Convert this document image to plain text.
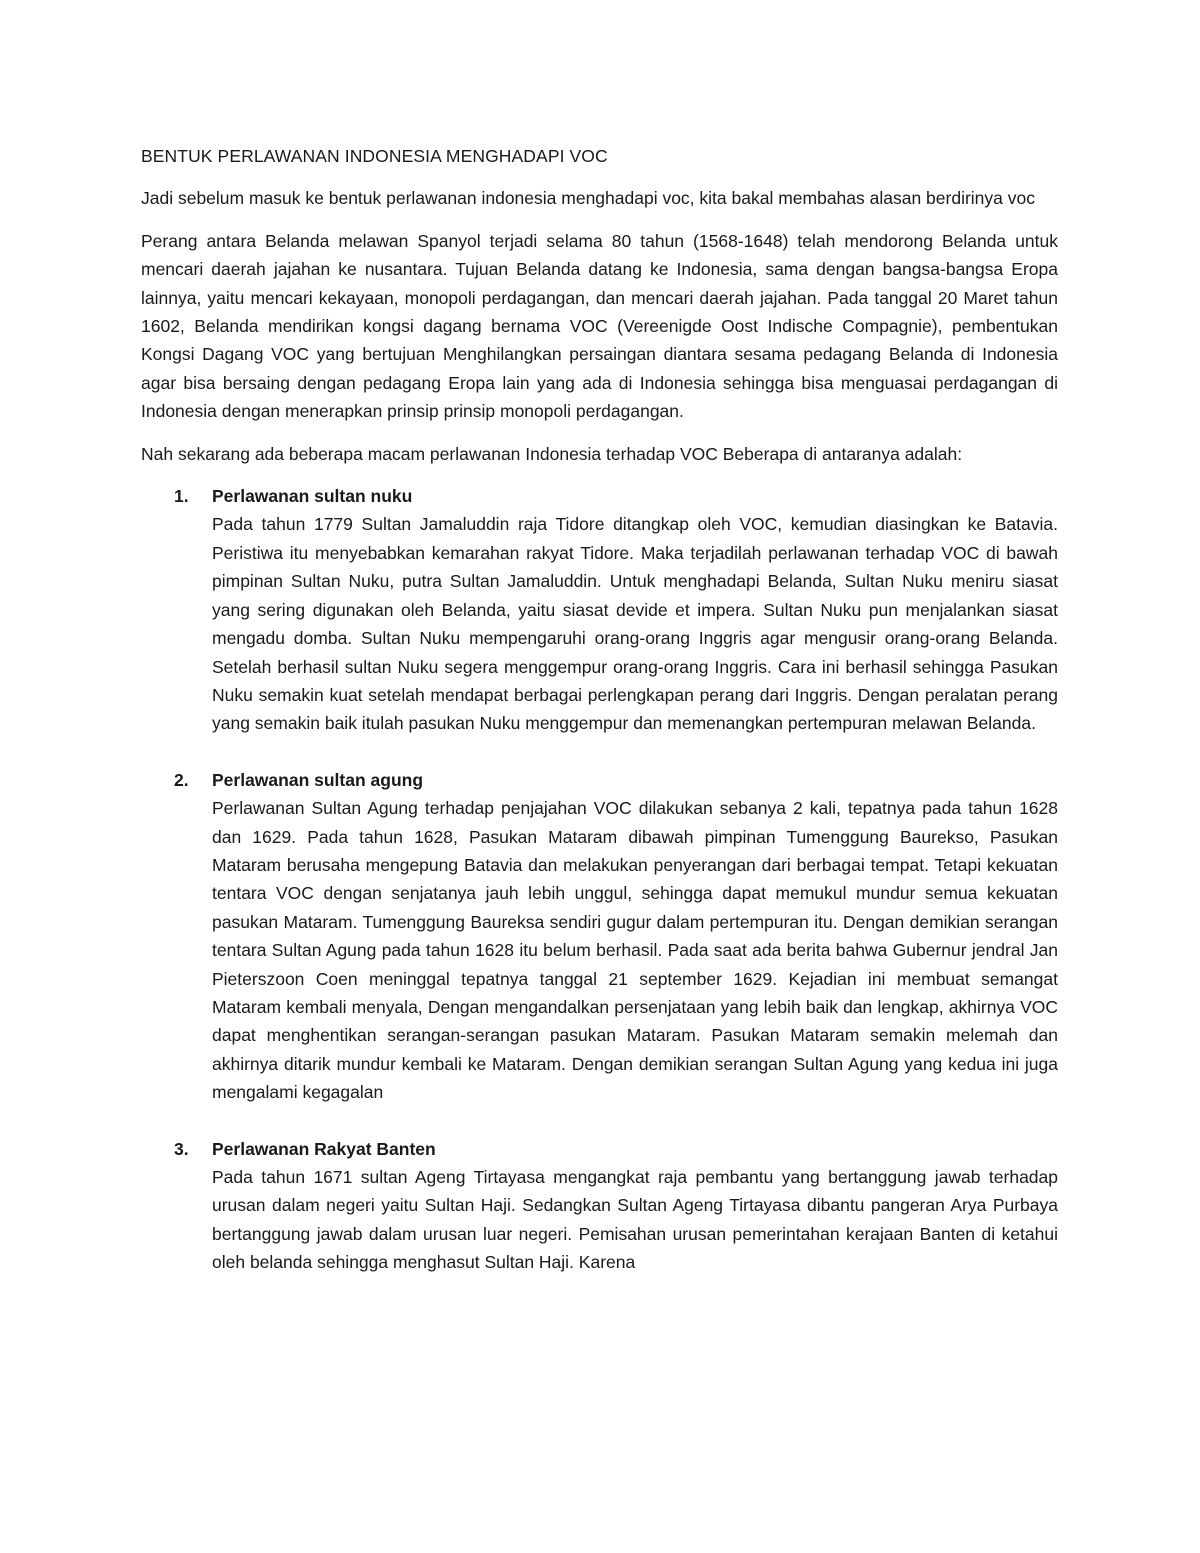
BENTUK PERLAWANAN INDONESIA MENGHADAPI VOC

Jadi sebelum masuk ke bentuk perlawanan indonesia menghadapi voc, kita bakal membahas alasan berdirinya voc

Perang antara Belanda melawan Spanyol terjadi selama 80 tahun (1568-1648) telah mendorong Belanda untuk mencari daerah jajahan ke nusantara. Tujuan Belanda datang ke Indonesia, sama dengan bangsa-bangsa Eropa lainnya, yaitu mencari kekayaan, monopoli perdagangan, dan mencari daerah jajahan. Pada tanggal 20 Maret tahun 1602, Belanda mendirikan kongsi dagang bernama VOC (Vereenigde Oost Indische Compagnie), pembentukan Kongsi Dagang VOC yang bertujuan Menghilangkan persaingan diantara sesama pedagang Belanda di Indonesia agar bisa bersaing dengan pedagang Eropa lain yang ada di Indonesia sehingga bisa menguasai perdagangan di Indonesia dengan menerapkan prinsip prinsip monopoli perdagangan.

Nah sekarang ada beberapa macam perlawanan Indonesia terhadap VOC Beberapa di antaranya adalah:

1. Perlawanan sultan nuku
Pada tahun 1779 Sultan Jamaluddin raja Tidore ditangkap oleh VOC, kemudian diasingkan ke Batavia. Peristiwa itu menyebabkan kemarahan rakyat Tidore. Maka terjadilah perlawanan terhadap VOC di bawah pimpinan Sultan Nuku, putra Sultan Jamaluddin. Untuk menghadapi Belanda, Sultan Nuku meniru siasat yang sering digunakan oleh Belanda, yaitu siasat devide et impera. Sultan Nuku pun menjalankan siasat mengadu domba. Sultan Nuku mempengaruhi orang-orang Inggris agar mengusir orang-orang Belanda. Setelah berhasil sultan Nuku segera menggempur orang-orang Inggris. Cara ini berhasil sehingga Pasukan Nuku semakin kuat setelah mendapat berbagai perlengkapan perang dari Inggris. Dengan peralatan perang yang semakin baik itulah pasukan Nuku menggempur dan memenangkan pertempuran melawan Belanda.
2. Perlawanan sultan agung
Perlawanan Sultan Agung terhadap penjajahan VOC dilakukan sebanya 2 kali, tepatnya pada tahun 1628 dan 1629. Pada tahun 1628, Pasukan Mataram dibawah pimpinan Tumenggung Baurekso, Pasukan Mataram berusaha mengepung Batavia dan melakukan penyerangan dari berbagai tempat. Tetapi kekuatan tentara VOC dengan senjatanya jauh lebih unggul, sehingga dapat memukul mundur semua kekuatan pasukan Mataram. Tumenggung Baureksa sendiri gugur dalam pertempuran itu. Dengan demikian serangan tentara Sultan Agung pada tahun 1628 itu belum berhasil. Pada saat ada berita bahwa Gubernur jendral Jan Pieterszoon Coen meninggal tepatnya tanggal 21 september 1629. Kejadian ini membuat semangat Mataram kembali menyala, Dengan mengandalkan persenjataan yang lebih baik dan lengkap, akhirnya VOC dapat menghentikan serangan-serangan pasukan Mataram. Pasukan Mataram semakin melemah dan akhirnya ditarik mundur kembali ke Mataram. Dengan demikian serangan Sultan Agung yang kedua ini juga mengalami kegagalan
3. Perlawanan Rakyat Banten
Pada tahun 1671 sultan Ageng Tirtayasa mengangkat raja pembantu yang bertanggung jawab terhadap urusan dalam negeri yaitu Sultan Haji. Sedangkan Sultan Ageng Tirtayasa dibantu pangeran Arya Purbaya bertanggung jawab dalam urusan luar negeri. Pemisahan urusan pemerintahan kerajaan Banten di ketahui oleh belanda sehingga menghasut Sultan Haji. Karena
